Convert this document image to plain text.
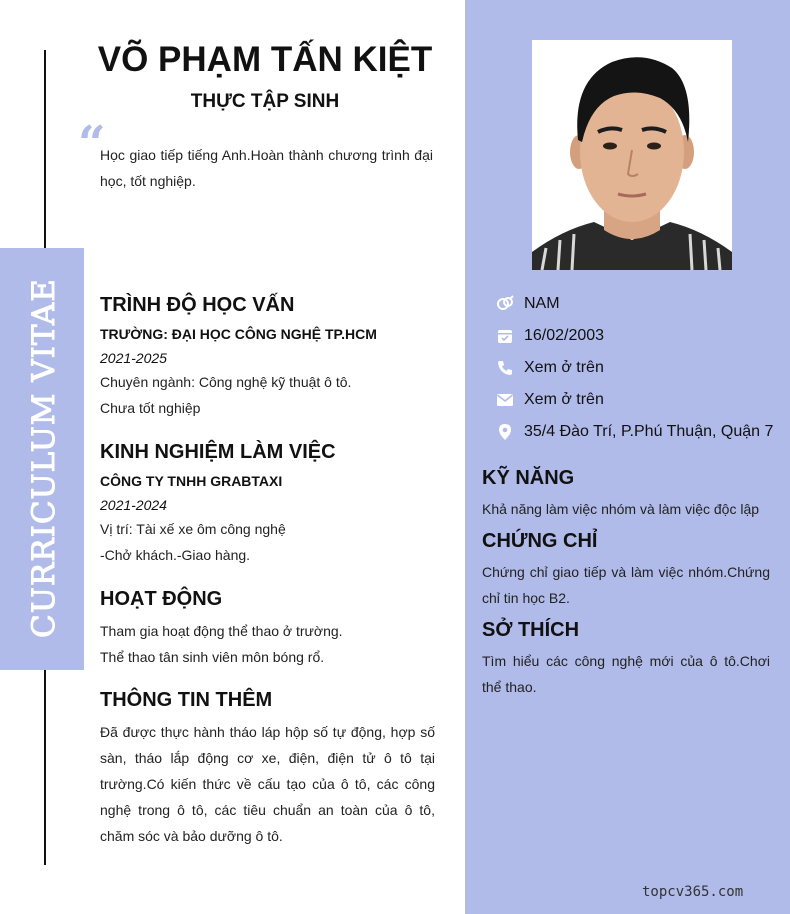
CURRICULUM VITAE
VÕ PHẠM TẤN KIỆT
THỰC TẬP SINH
“
Học giao tiếp tiếng Anh.Hoàn thành chương trình đại học, tốt nghiệp.
TRÌNH ĐỘ HỌC VẤN
TRƯỜNG: ĐẠI HỌC CÔNG NGHỆ TP.HCM
2021-2025
Chuyên ngành: Công nghệ kỹ thuật ô tô.
Chưa tốt nghiệp
KINH NGHIỆM LÀM VIỆC
CÔNG TY TNHH GRABTAXI
2021-2024
Vị trí: Tài xế xe ôm công nghệ
-Chở khách.-Giao hàng.
HOẠT ĐỘNG
Tham gia hoạt động thể thao ở trường.
Thể thao tân sinh viên môn bóng rổ.
THÔNG TIN THÊM
Đã được thực hành tháo láp hộp số tự động, hợp số sàn, tháo lắp động cơ xe, điện, điện tử ô tô tại trường.Có kiến thức về cấu tạo của ô tô, các công nghệ trong ô tô, các tiêu chuẩn an toàn của ô tô, chăm sóc và bảo dưỡng ô tô.
NAM
16/02/2003
Xem ở trên
Xem ở trên
35/4 Đào Trí, P.Phú Thuận, Quận 7
KỸ NĂNG
Khả năng làm việc nhóm và làm việc độc lập
CHỨNG CHỈ
Chứng chỉ giao tiếp và làm việc nhóm.Chứng chỉ tin học B2.
SỞ THÍCH
Tìm hiểu các công nghệ mới của ô tô.Chơi thể thao.
topcv365.com
